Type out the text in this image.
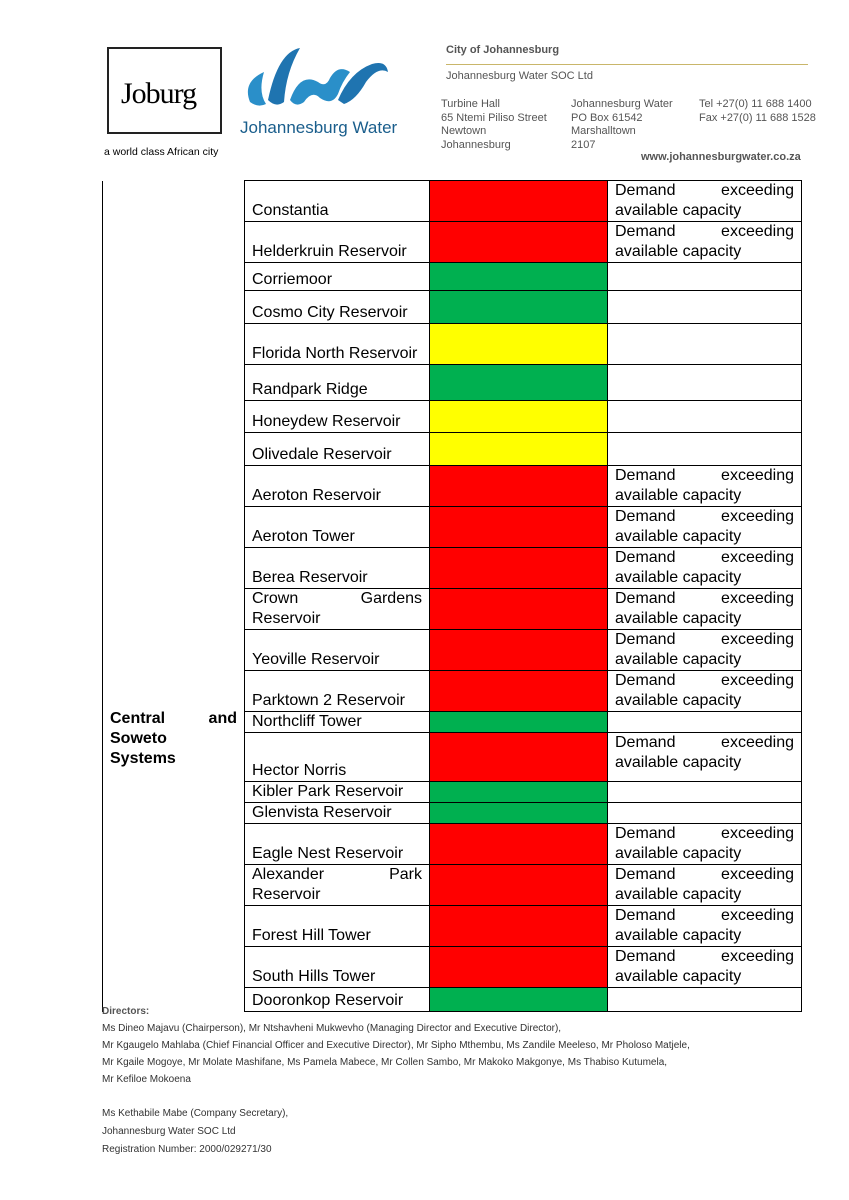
Joburg
a world class African city
Johannesburg Water
City of Johannesburg
Johannesburg Water SOC Ltd
Turbine Hall
65 Ntemi Piliso Street
Newtown
Johannesburg
Johannesburg Water
PO Box 61542
Marshalltown
2107
Tel +27(0) 11 688 1400
Fax +27(0) 11 688 1528
www.johannesburgwater.co.za
	Constantia		Demand exceeding available capacity
	Helderkruin Reservoir		Demand exceeding available capacity
	Corriemoor		
	Cosmo City Reservoir		
	Florida North Reservoir		
	Randpark Ridge		
	Honeydew Reservoir		
	Olivedale Reservoir		
Central and Soweto Systems	Aeroton Reservoir		Demand exceeding available capacity
	Aeroton Tower		Demand exceeding available capacity
	Berea Reservoir		Demand exceeding available capacity
	Crown Gardens Reservoir		Demand exceeding available capacity
	Yeoville Reservoir		Demand exceeding available capacity
	Parktown 2 Reservoir		Demand exceeding available capacity
	Northcliff Tower		
	Hector Norris		Demand exceeding available capacity
	Kibler Park Reservoir		
	Glenvista Reservoir		
	Eagle Nest Reservoir		Demand exceeding available capacity
	Alexander Park Reservoir		Demand exceeding available capacity
	Forest Hill Tower		Demand exceeding available capacity
	South Hills Tower		Demand exceeding available capacity
	Dooronkop Reservoir		
Directors:
Ms Dineo Majavu (Chairperson), Mr Ntshavheni Mukwevho (Managing Director and Executive Director),
Mr Kgaugelo Mahlaba (Chief Financial Officer and Executive Director), Mr Sipho Mthembu, Ms Zandile Meeleso, Mr Pholoso Matjele,
Mr Kgaile Mogoye, Mr Molate Mashifane, Ms Pamela Mabece, Mr Collen Sambo, Mr Makoko Makgonye, Ms Thabiso Kutumela,
Mr Kefiloe Mokoena
Ms Kethabile Mabe (Company Secretary),
Johannesburg Water SOC Ltd
Registration Number: 2000/029271/30
